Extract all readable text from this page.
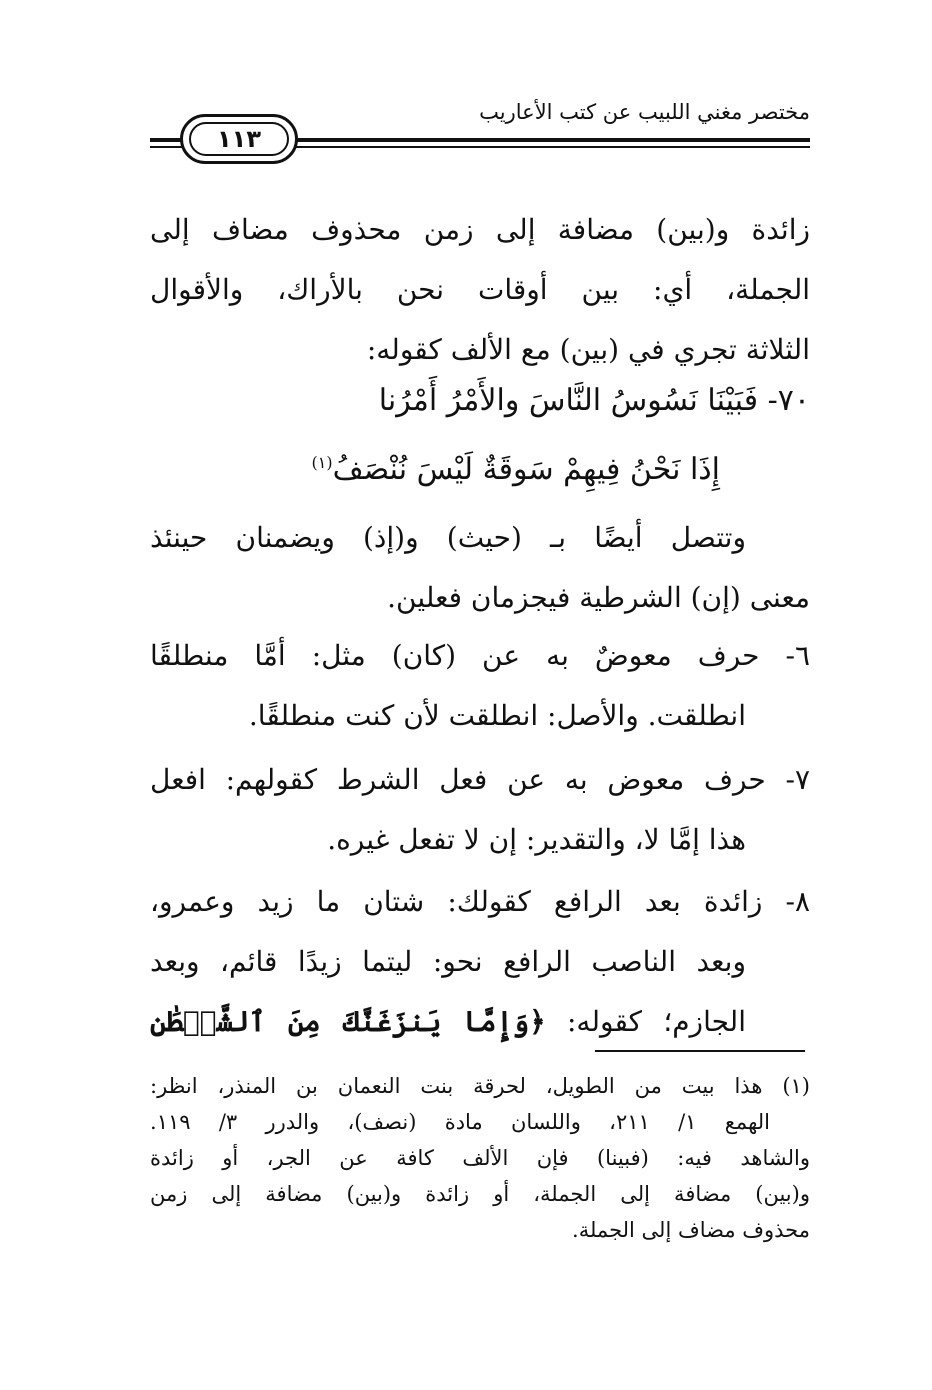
مختصر مغني اللبيب عن كتب الأعاريب
١١٣
زائدة و(بين) مضافة إلى زمن محذوف مضاف إلى
الجملة، أي: بين أوقات نحن بالأراك، والأقوال
الثلاثة تجري في (بين) مع الألف كقوله:
٧٠- فَبَيْنَا نَسُوسُ النَّاسَ والأَمْرُ أَمْرُنا
إِذَا نَحْنُ فِيهِمْ سَوقَةٌ لَيْسَ نُنْصَفُ$^{(١)}$
وتتصل أيضًا بـ (حيث) و(إذ) ويضمنان حينئذ
معنى (إن) الشرطية فيجزمان فعلين.
٦- حرف معوضٌ به عن (كان) مثل: أمَّا منطلقًا
انطلقت. والأصل: انطلقت لأن كنت منطلقًا.
٧- حرف معوض به عن فعل الشرط كقولهم: افعل
هذا إمَّا لا، والتقدير: إن لا تفعل غيره.
٨- زائدة بعد الرافع كقولك: شتان ما زيد وعمرو،
وبعد الناصب الرافع نحو: ليتما زيدًا قائم، وبعد
الجازم؛ كقوله: ﴿وَإِمَّا يَنزَغَنَّكَ مِنَ ٱلشَّيۡطَٰنِ
(١) هذا بيت من الطويل، لحرقة بنت النعمان بن المنذر، انظر:
الهمع ١/ ٢١١، واللسان مادة (نصف)، والدرر ٣/ ١١٩.
والشاهد فيه: (فبينا) فإن الألف كافة عن الجر، أو زائدة
و(بين) مضافة إلى الجملة، أو زائدة و(بين) مضافة إلى زمن
محذوف مضاف إلى الجملة.
